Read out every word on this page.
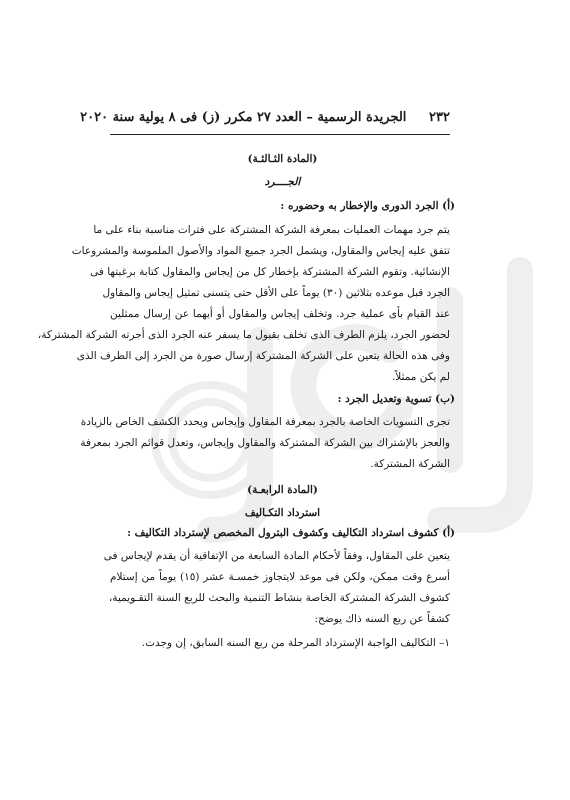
٢٣٢     الجريدة الرسمية – العدد ٢٧ مكرر (ز) فى ٨ يولية سنة ٢٠٢٠
(المادة الثـالثـة)
الجــــرد
(أ) الجرد الدورى والإخطار به وحضوره :
يتم جرد مهمات العمليات بمعرفة الشركة المشتركة على فترات مناسبة بناء على ما
تتفق عليه إيجاس والمقاول، ويشمل الجرد جميع المواد والأصول الملموسة والمشروعات
الإنشائية. وتقوم الشركة المشتركة بإخطار كل من إيجاس والمقاول كتابة برغبتها فى
الجرد قبل موعده بثلاثين (٣٠) يوماً على الأقل حتى يتسنى تمثيل إيجاس والمقاول
عند القيام بأى عملية جرد. وتخلف إيجاس والمقاول أو أيهما عن إرسال ممثلين
لحضور الجرد، يلزم الطرف الذى تخلف بقبول ما يسفر عنه الجرد الذى أجرته الشركة المشتركة،
وفى هذه الحالة يتعين على الشركة المشتركة إرسال صورة من الجرد إلى الطرف الذى
لم يكن ممثلاً.
(ب) تسوية وتعديل الجرد :
تجرى التسويات الخاصة بالجرد بمعرفة المقاول وإيجاس ويحدد الكشف الخاص بالزيادة
والعجز بالإشتراك بين الشركة المشتركة والمقاول وإيجاس، وتعدل قوائم الجرد بمعرفة
الشركة المشتركة.
(المادة الرابعـة)
استرداد التكـاليف
(أ) كشوف استرداد التكاليف وكشوف البترول المخصص لإسترداد التكاليف :
يتعين على المقاول، وفقاً لأحكام المادة السابعة من الإتفاقية أن يقدم لإيجاس فى
أسرع وقت ممكن، ولكن فى موعد لايتجاوز خمسـة عشر (١٥) يوماً من إستلام
كشوف الشركة المشتركة الخاصة بنشاط التنمية والبحث للربع السنة التقـويمية،
كشفاً عن ربع السنه ذاك يوضح:
١– التكاليف الواجبة الإسترداد المرحلة من ربع السنه السابق، إن وجدت.
